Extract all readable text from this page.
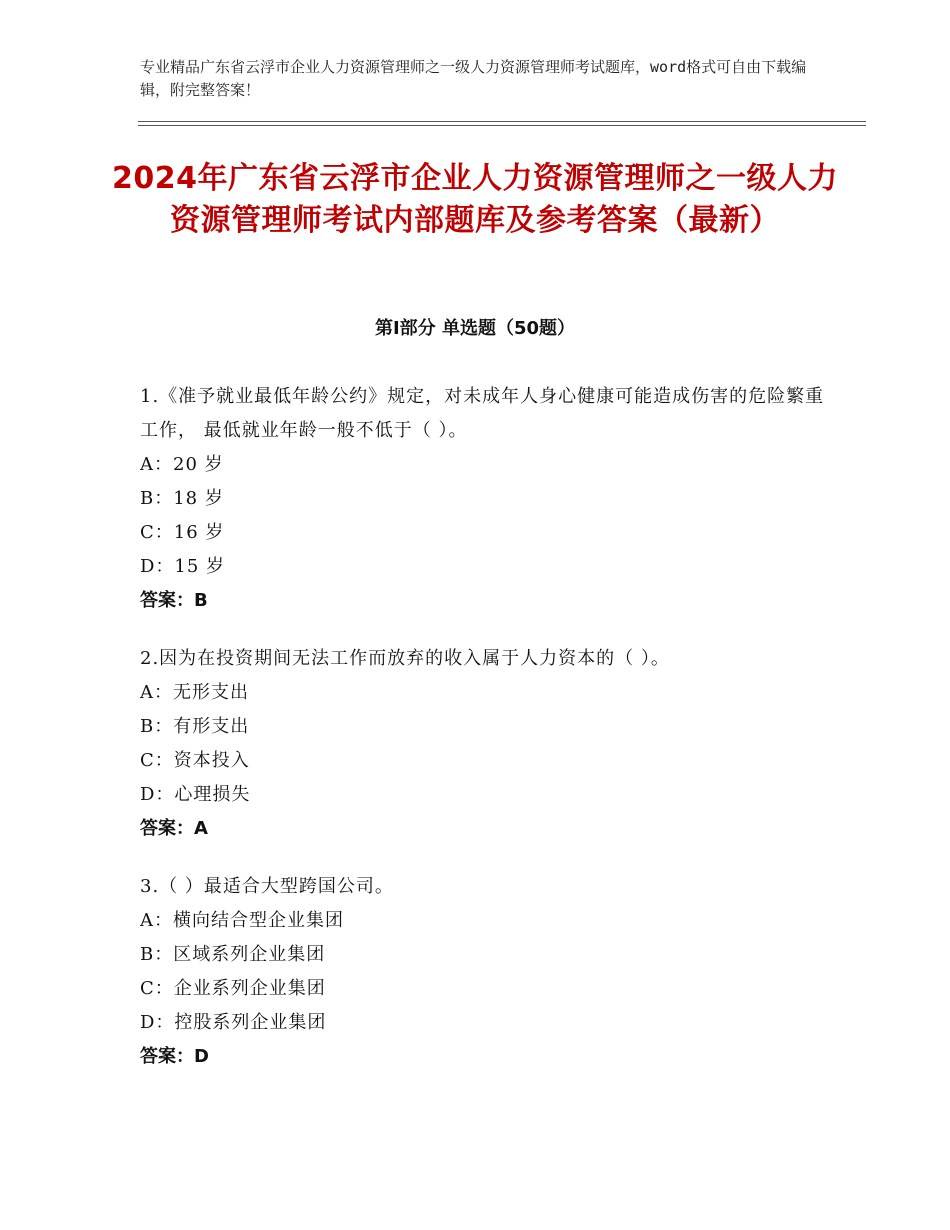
专业精品广东省云浮市企业人力资源管理师之一级人力资源管理师考试题库，word格式可自由下载编辑，附完整答案！
2024年广东省云浮市企业人力资源管理师之一级人力资源管理师考试内部题库及参考答案（最新）
第Ⅰ部分 单选题（50题）
1.《准予就业最低年龄公约》规定，对未成年人身心健康可能造成伤害的危险繁重工作， 最低就业年龄一般不低于（ ）。
A：20 岁
B：18 岁
C：16 岁
D：15 岁
答案：B
2.因为在投资期间无法工作而放弃的收入属于人力资本的（ ）。
A：无形支出
B：有形支出
C：资本投入
D：心理损失
答案：A
3.（ ）最适合大型跨国公司。
A：横向结合型企业集团
B：区域系列企业集团
C：企业系列企业集团
D：控股系列企业集团
答案：D
